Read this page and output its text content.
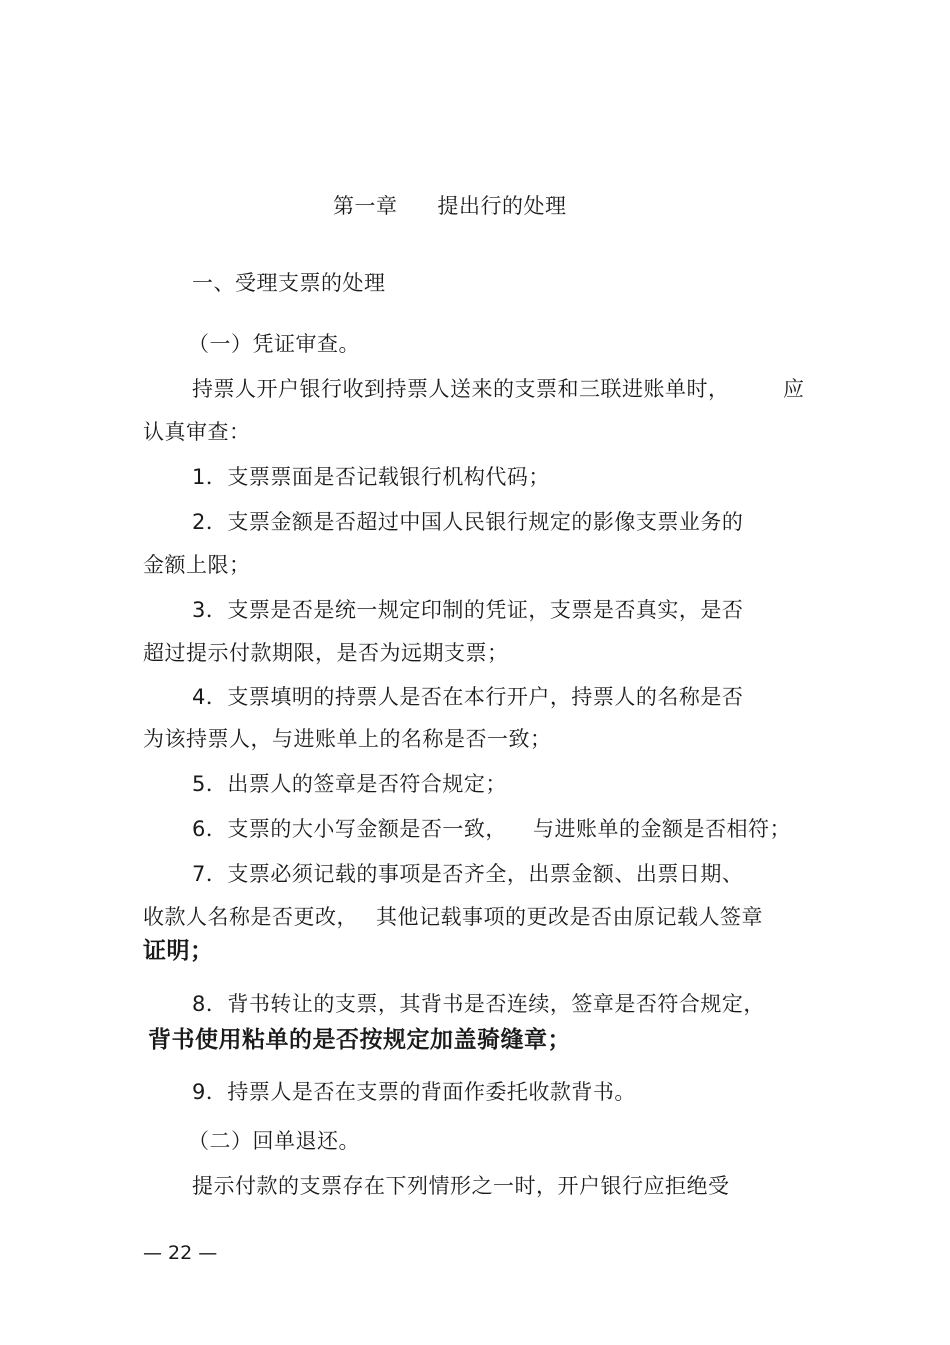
第一章 提出行的处理
一、受理支票的处理
（一）凭证审查。
持票人开户银行收到持票人送来的支票和三联进账单时，	应
认真审查：
1．支票票面是否记载银行机构代码；
2．支票金额是否超过中国人民银行规定的影像支票业务的
金额上限；
3．支票是否是统一规定印制的凭证，支票是否真实，是否
超过提示付款期限，是否为远期支票；
4．支票填明的持票人是否在本行开户，持票人的名称是否
为该持票人，与进账单上的名称是否一致；
5．出票人的签章是否符合规定；
6．支票的大小写金额是否一致， 与进账单的金额是否相符；
7．支票必须记载的事项是否齐全，出票金额、出票日期、
收款人名称是否更改， 其他记载事项的更改是否由原记载人签章
证明；
8．背书转让的支票，其背书是否连续，签章是否符合规定，
背书使用粘单的是否按规定加盖骑缝章；
9．持票人是否在支票的背面作委托收款背书。
（二）回单退还。
提示付款的支票存在下列情形之一时，开户银行应拒绝受
— 22 —
